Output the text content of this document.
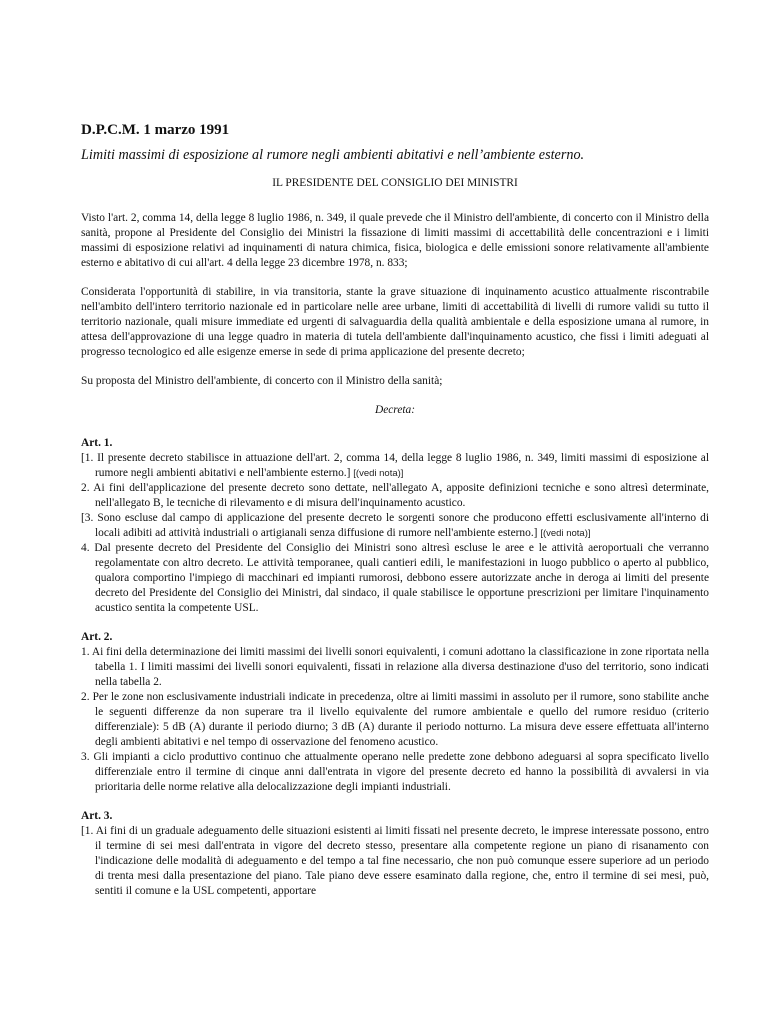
D.P.C.M. 1 marzo 1991
Limiti massimi di esposizione al rumore negli ambienti abitativi e nell’ambiente esterno.
IL PRESIDENTE DEL CONSIGLIO DEI MINISTRI

Visto l'art. 2, comma 14, della legge 8 luglio 1986, n. 349, il quale prevede che il Ministro dell'ambiente, di concerto con il Ministro della sanità, propone al Presidente del Consiglio dei Ministri la fissazione di limiti massimi di accettabilità delle concentrazioni e i limiti massimi di esposizione relativi ad inquinamenti di natura chimica, fisica, biologica e delle emissioni sonore relativamente all'ambiente esterno e abitativo di cui all'art. 4 della legge 23 dicembre 1978, n. 833;

Considerata l'opportunità di stabilire, in via transitoria, stante la grave situazione di inquinamento acustico attualmente riscontrabile nell'ambito dell'intero territorio nazionale ed in particolare nelle aree urbane, limiti di accettabilità di livelli di rumore validi su tutto il territorio nazionale, quali misure immediate ed urgenti di salvaguardia della qualità ambientale e della esposizione umana al rumore, in attesa dell'approvazione di una legge quadro in materia di tutela dell'ambiente dall'inquinamento acustico, che fissi i limiti adeguati al progresso tecnologico ed alle esigenze emerse in sede di prima applicazione del presente decreto;

Su proposta del Ministro dell'ambiente, di concerto con il Ministro della sanità;

Decreta:
Art. 1.
[1. Il presente decreto stabilisce in attuazione dell'art. 2, comma 14, della legge 8 luglio 1986, n. 349, limiti massimi di esposizione al rumore negli ambienti abitativi e nell'ambiente esterno.] [(vedi nota)]
2. Ai fini dell'applicazione del presente decreto sono dettate, nell'allegato A, apposite definizioni tecniche e sono altresì determinate, nell'allegato B, le tecniche di rilevamento e di misura dell'inquinamento acustico.
[3. Sono escluse dal campo di applicazione del presente decreto le sorgenti sonore che producono effetti esclusivamente all'interno di locali adibiti ad attività industriali o artigianali senza diffusione di rumore nell'ambiente esterno.] [(vedi nota)]
4. Dal presente decreto del Presidente del Consiglio dei Ministri sono altresì escluse le aree e le attività aeroportuali che verranno regolamentate con altro decreto. Le attività temporanee, quali cantieri edili, le manifestazioni in luogo pubblico o aperto al pubblico, qualora comportino l'impiego di macchinari ed impianti rumorosi, debbono essere autorizzate anche in deroga ai limiti del presente decreto del Presidente del Consiglio dei Ministri, dal sindaco, il quale stabilisce le opportune prescrizioni per limitare l'inquinamento acustico sentita la competente USL.
Art. 2.
1. Ai fini della determinazione dei limiti massimi dei livelli sonori equivalenti, i comuni adottano la classificazione in zone riportata nella tabella 1. I limiti massimi dei livelli sonori equivalenti, fissati in relazione alla diversa destinazione d'uso del territorio, sono indicati nella tabella 2.
2. Per le zone non esclusivamente industriali indicate in precedenza, oltre ai limiti massimi in assoluto per il rumore, sono stabilite anche le seguenti differenze da non superare tra il livello equivalente del rumore ambientale e quello del rumore residuo (criterio differenziale): 5 dB (A) durante il periodo diurno; 3 dB (A) durante il periodo notturno. La misura deve essere effettuata all'interno degli ambienti abitativi e nel tempo di osservazione del fenomeno acustico.
3. Gli impianti a ciclo produttivo continuo che attualmente operano nelle predette zone debbono adeguarsi al sopra specificato livello differenziale entro il termine di cinque anni dall'entrata in vigore del presente decreto ed hanno la possibilità di avvalersi in via prioritaria delle norme relative alla delocalizzazione degli impianti industriali.
Art. 3.
[1. Ai fini di un graduale adeguamento delle situazioni esistenti ai limiti fissati nel presente decreto, le imprese interessate possono, entro il termine di sei mesi dall'entrata in vigore del decreto stesso, presentare alla competente regione un piano di risanamento con l'indicazione delle modalità di adeguamento e del tempo a tal fine necessario, che non può comunque essere superiore ad un periodo di trenta mesi dalla presentazione del piano. Tale piano deve essere esaminato dalla regione, che, entro il termine di sei mesi, può, sentiti il comune e la USL competenti, apportare
